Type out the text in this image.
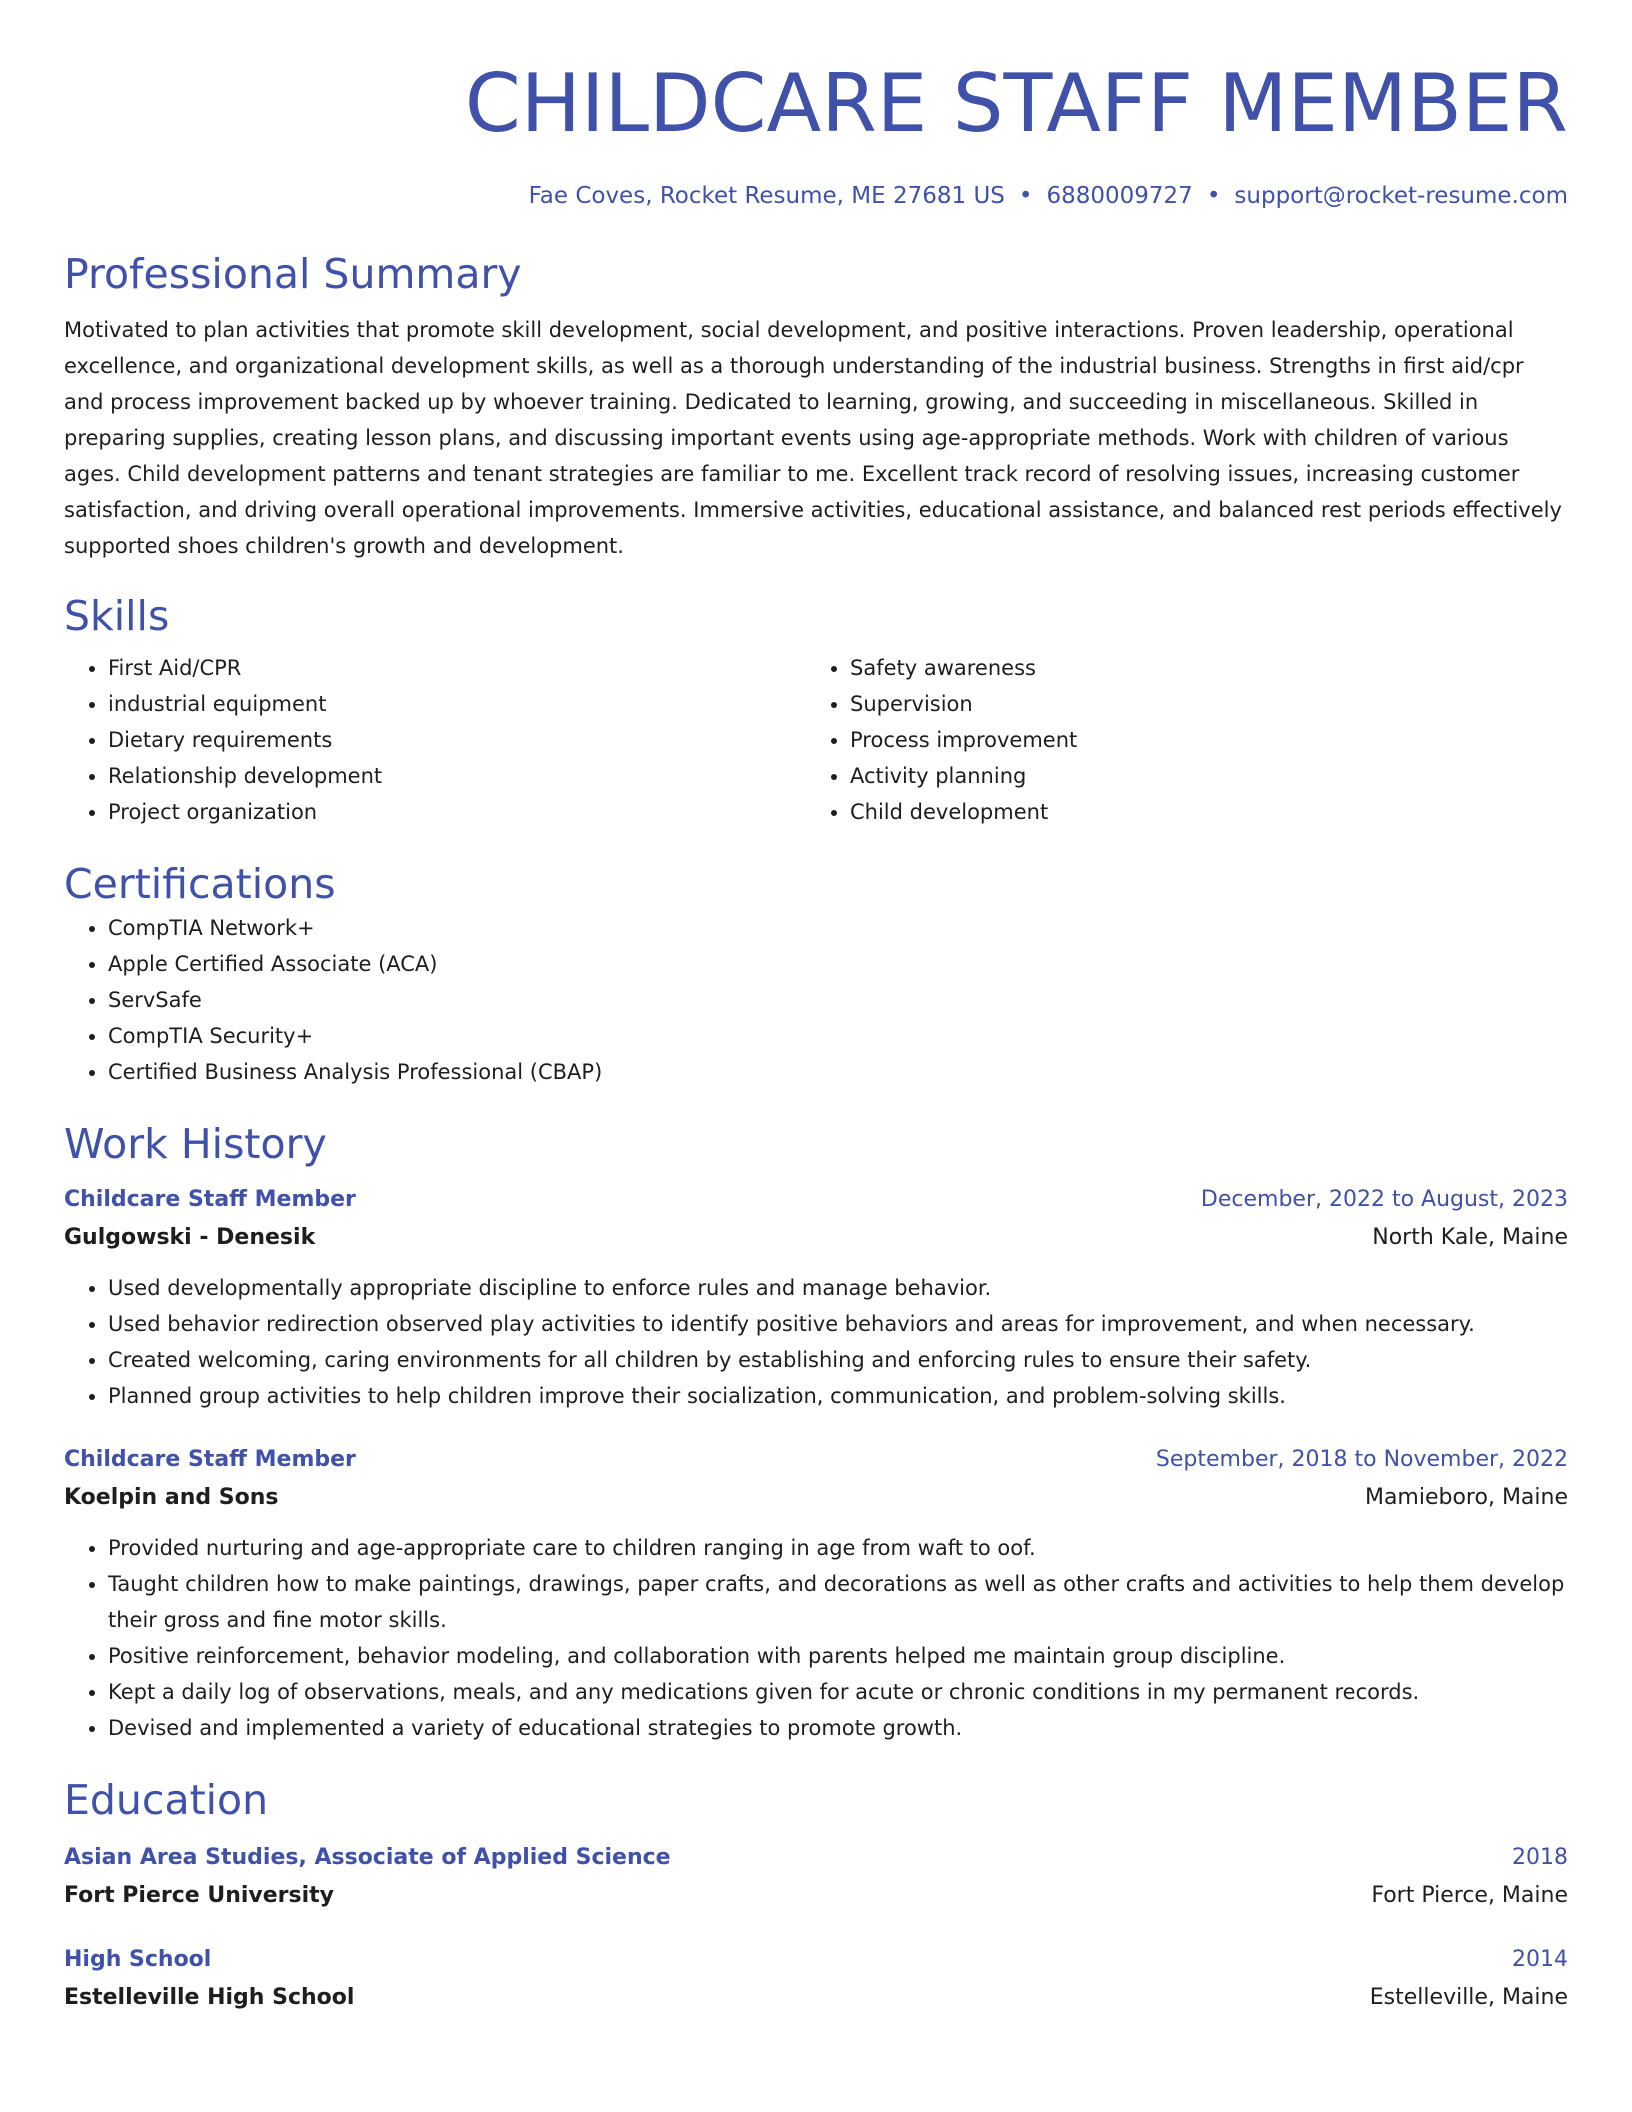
CHILDCARE STAFF MEMBER
Fae Coves, Rocket Resume, ME 27681 US • 6880009727 • support@rocket-resume.com
Professional Summary
Motivated to plan activities that promote skill development, social development, and positive interactions. Proven leadership, operational excellence, and organizational development skills, as well as a thorough understanding of the industrial business. Strengths in first aid/cpr and process improvement backed up by whoever training. Dedicated to learning, growing, and succeeding in miscellaneous. Skilled in preparing supplies, creating lesson plans, and discussing important events using age-appropriate methods. Work with children of various ages. Child development patterns and tenant strategies are familiar to me. Excellent track record of resolving issues, increasing customer satisfaction, and driving overall operational improvements. Immersive activities, educational assistance, and balanced rest periods effectively supported shoes children's growth and development.
Skills
• First Aid/CPR
• industrial equipment
• Dietary requirements
• Relationship development
• Project organization
• Safety awareness
• Supervision
• Process improvement
• Activity planning
• Child development
Certifications
• CompTIA Network+
• Apple Certified Associate (ACA)
• ServSafe
• CompTIA Security+
• Certified Business Analysis Professional (CBAP)
Work History
Childcare Staff Member	December, 2022 to August, 2023
Gulgowski - Denesik	North Kale, Maine
• Used developmentally appropriate discipline to enforce rules and manage behavior.
• Used behavior redirection observed play activities to identify positive behaviors and areas for improvement, and when necessary.
• Created welcoming, caring environments for all children by establishing and enforcing rules to ensure their safety.
• Planned group activities to help children improve their socialization, communication, and problem-solving skills.
Childcare Staff Member	September, 2018 to November, 2022
Koelpin and Sons	Mamieboro, Maine
• Provided nurturing and age-appropriate care to children ranging in age from waft to oof.
• Taught children how to make paintings, drawings, paper crafts, and decorations as well as other crafts and activities to help them develop their gross and fine motor skills.
• Positive reinforcement, behavior modeling, and collaboration with parents helped me maintain group discipline.
• Kept a daily log of observations, meals, and any medications given for acute or chronic conditions in my permanent records.
• Devised and implemented a variety of educational strategies to promote growth.
Education
Asian Area Studies, Associate of Applied Science	2018
Fort Pierce University	Fort Pierce, Maine
High School	2014
Estelleville High School	Estelleville, Maine
